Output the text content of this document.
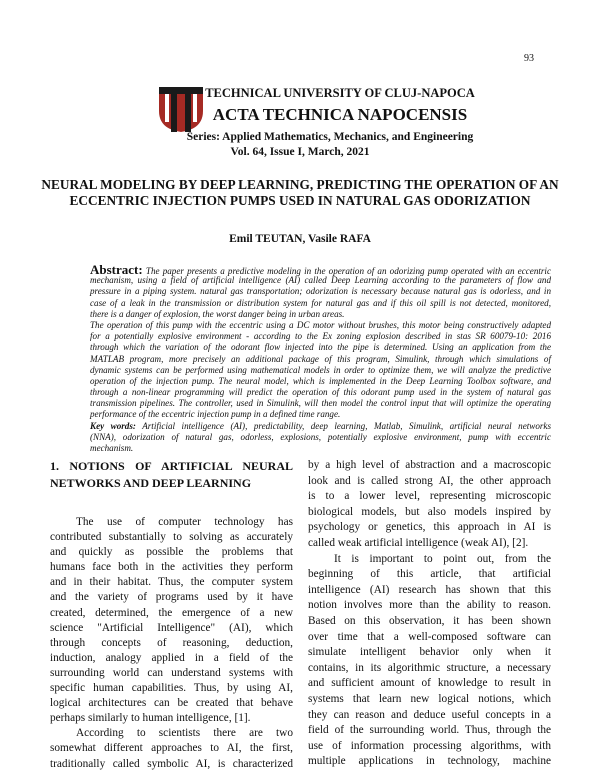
93
TECHNICAL UNIVERSITY OF CLUJ-NAPOCA
ACTA TECHNICA NAPOCENSIS
Series: Applied Mathematics, Mechanics, and Engineering
Vol. 64, Issue I, March, 2021
NEURAL MODELING BY DEEP LEARNING, PREDICTING THE OPERATION OF AN ECCENTRIC INJECTION PUMPS USED IN NATURAL GAS ODORIZATION
Emil TEUTAN, Vasile RAFA
Abstract: The paper presents a predictive modeling in the operation of an odorizing pump operated with an eccentric
mechanism, using a field of artificial intelligence (AI) called Deep Learning according to the parameters of flow and
pressure in a piping system. natural gas transportation; odorization is necessary because natural gas is odorless, and in
case of a leak in the transmission or distribution system for natural gas and if this oil spill is not detected, monitored,
there is a danger of explosion, the worst danger being in urban areas.
The operation of this pump with the eccentric using a DC motor without brushes, this motor being constructively adapted
for a potentially explosive environment - according to the Ex zoning explosion described in stas SR 60079-10: 2016
through which the variation of the odorant flow injected into the pipe is determined. Using an application from the
MATLAB program, more precisely an additional package of this program, Simulink, through which simulations of
dynamic systems can be performed using mathematical models in order to optimize them, we will analyze the predictive
operation of the injection pump. The neural model, which is implemented in the Deep Learning Toolbox software, and
through a non-linear programming will predict the operation of this odorant pump used in the system of natural gas
transmission pipelines. The controller, used in Simulink, will then model the control input that will optimize the operating
performance of the eccentric injection pump in a defined time range.
Key words: Artificial intelligence (AI), predictability, deep learning, Matlab, Simulink, artificial neural networks
(NNA), odorization of natural gas, odorless, explosions, potentially explosive environment, pump with eccentric
mechanism.
1. NOTIONS OF ARTIFICIAL NEURAL
NETWORKS AND DEEP LEARNING
The use of computer technology has
contributed substantially to solving as accurately
and quickly as possible the problems that
humans face both in the activities they perform
and in their habitat. Thus, the computer system
and the variety of programs used by it have
created, determined, the emergence of a new
science "Artificial Intelligence" (AI), which
through concepts of reasoning, deduction,
induction, analogy applied in a field of the
surrounding world can understand systems with
specific human capabilities. Thus, by using AI,
logical architectures can be created that behave
perhaps similarly to human intelligence, [1].
According to scientists there are two
somewhat different approaches to AI, the first,
traditionally called symbolic AI, is characterized
by a high level of abstraction and a macroscopic
look and is called strong AI, the other approach
is to a lower level, representing microscopic
biological models, but also models inspired by
psychology or genetics, this approach in AI is
called weak artificial intelligence (weak AI), [2].
It is important to point out, from the
beginning of this article, that artificial
intelligence (AI) research has shown that this
notion involves more than the ability to reason.
Based on this observation, it has been shown
over time that a well-composed software can
simulate intelligent behavior only when it
contains, in its algorithmic structure, a necessary
and sufficient amount of knowledge to result in
systems that learn new logical notions, which
they can reason and deduce useful concepts in a
field of the surrounding world. Thus, through the
use of information processing algorithms, with
multiple applications in technology, machine
